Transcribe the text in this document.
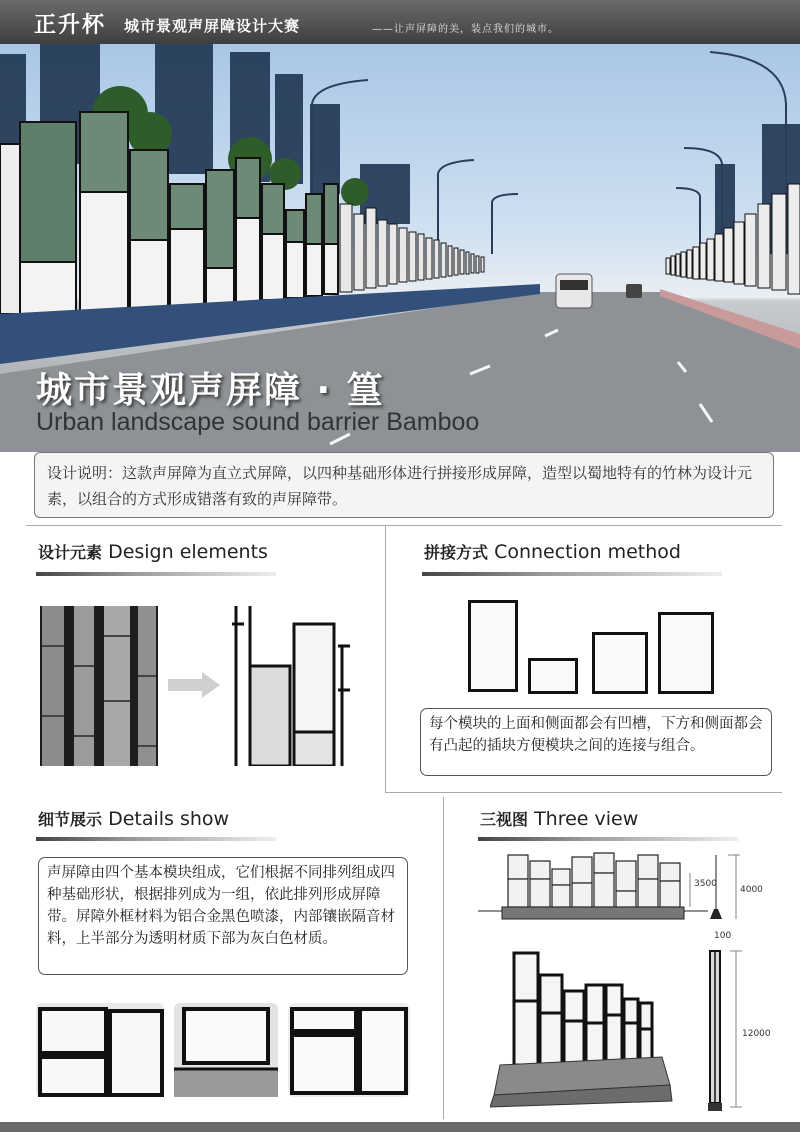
正升杯 城市景观声屏障设计大赛	——让声屏障的美，装点我们的城市。
城市景观声屏障 · 篁
Urban landscape sound barrier Bamboo
设计说明：这款声屏障为直立式屏障，以四种基础形体进行拼接形成屏障，造型以蜀地特有的竹林为设计元素，以组合的方式形成错落有致的声屏障带。
设计元素 Design elements	拼接方式 Connection method
每个模块的上面和侧面都会有凹槽，下方和侧面都会有凸起的插块方便模块之间的连接与组合。
细节展示 Details show
声屏障由四个基本模块组成，它们根据不同排列组成四种基础形状，根据排列成为一组，依此排列形成屏障带。屏障外框材料为铝合金黑色喷漆，内部镶嵌隔音材料，上半部分为透明材质下部为灰白色材质。
三视图 Three view
3500
4000
100
12000
